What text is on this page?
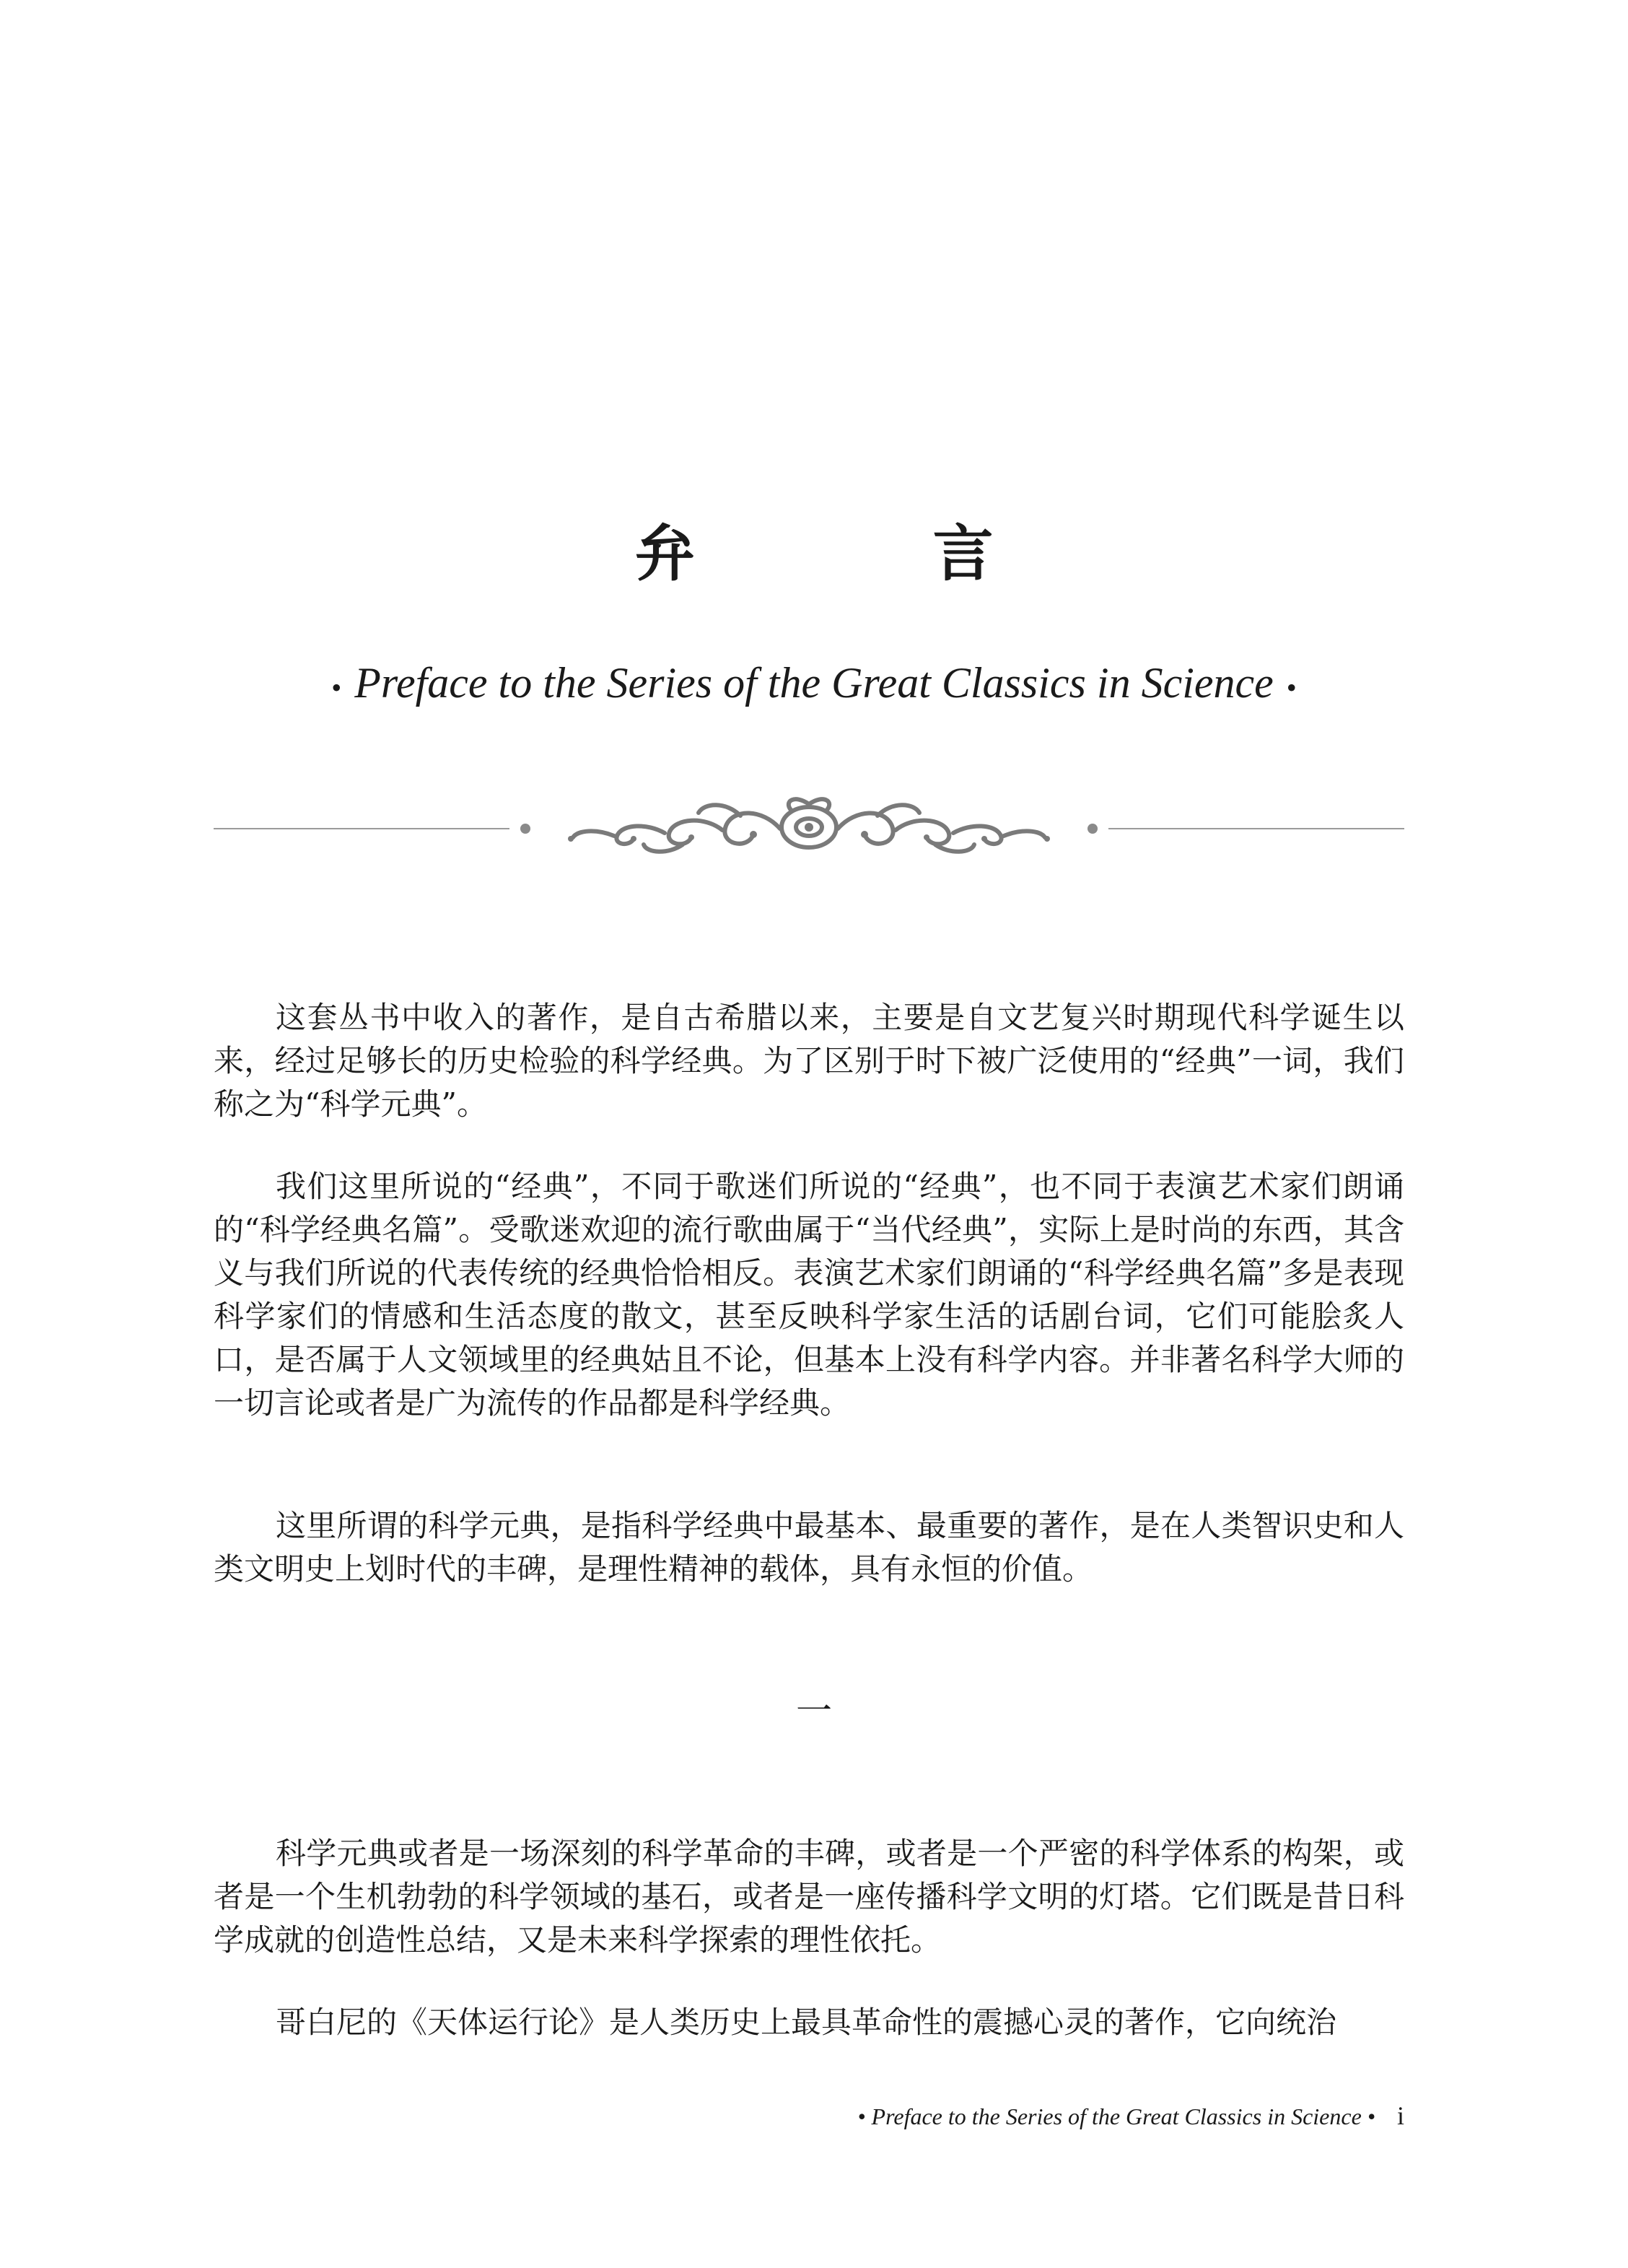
弁 言
• Preface to the Series of the Great Classics in Science •

这套丛书中收入的著作，是自古希腊以来，主要是自文艺复兴时期现代科学诞生以来，经过足够长的历史检验的科学经典。为了区别于时下被广泛使用的“经典”一词，我们称之为“科学元典”。

我们这里所说的“经典”，不同于歌迷们所说的“经典”，也不同于表演艺术家们朗诵的“科学经典名篇”。受歌迷欢迎的流行歌曲属于“当代经典”，实际上是时尚的东西，其含义与我们所说的代表传统的经典恰恰相反。表演艺术家们朗诵的“科学经典名篇”多是表现科学家们的情感和生活态度的散文，甚至反映科学家生活的话剧台词，它们可能脍炙人口，是否属于人文领域里的经典姑且不论，但基本上没有科学内容。并非著名科学大师的一切言论或者是广为流传的作品都是科学经典。

这里所谓的科学元典，是指科学经典中最基本、最重要的著作，是在人类智识史和人类文明史上划时代的丰碑，是理性精神的载体，具有永恒的价值。

一

科学元典或者是一场深刻的科学革命的丰碑，或者是一个严密的科学体系的构架，或者是一个生机勃勃的科学领域的基石，或者是一座传播科学文明的灯塔。它们既是昔日科学成就的创造性总结，又是未来科学探索的理性依托。

哥白尼的《天体运行论》是人类历史上最具革命性的震撼心灵的著作，它向统治

• Preface to the Series of the Great Classics in Science • i
